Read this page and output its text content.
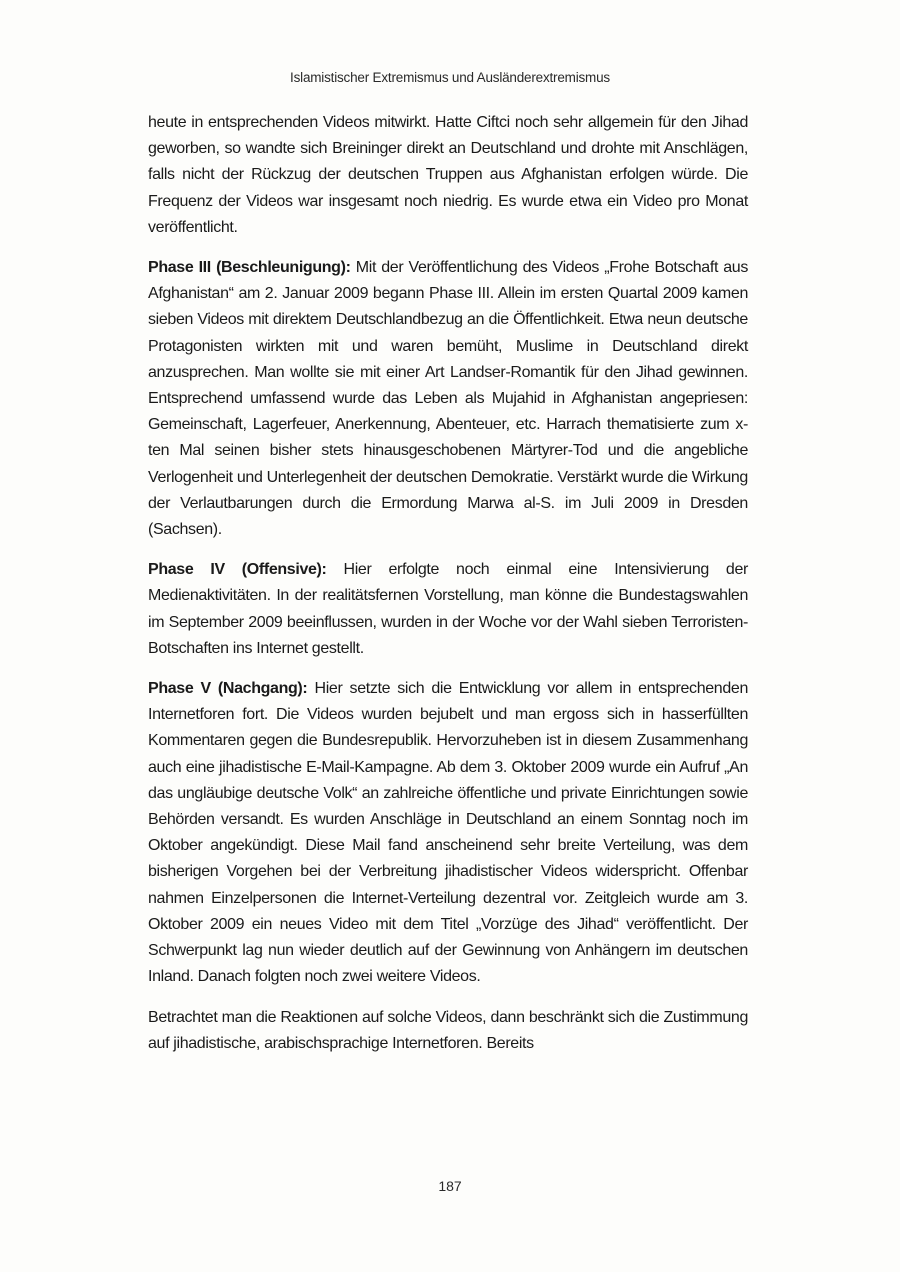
Islamistischer Extremismus und Ausländerextremismus

heute in entsprechenden Videos mitwirkt. Hatte Ciftci noch sehr allgemein für den Jihad geworben, so wandte sich Breininger direkt an Deutschland und drohte mit Anschlägen, falls nicht der Rückzug der deutschen Truppen aus Afghanistan erfolgen würde. Die Frequenz der Videos war insgesamt noch niedrig. Es wurde etwa ein Video pro Monat veröffentlicht.

Phase III (Beschleunigung): Mit der Veröffentlichung des Videos „Frohe Botschaft aus Afghanistan“ am 2. Januar 2009 begann Phase III. Allein im ersten Quartal 2009 kamen sieben Videos mit direktem Deutschlandbezug an die Öffentlichkeit. Etwa neun deutsche Protagonisten wirkten mit und waren bemüht, Muslime in Deutschland direkt anzusprechen. Man wollte sie mit einer Art Landser-Romantik für den Jihad gewinnen. Entsprechend umfassend wurde das Leben als Mujahid in Afghanistan angepriesen: Gemeinschaft, Lagerfeuer, Anerkennung, Abenteuer, etc. Harrach thematisierte zum x-ten Mal seinen bisher stets hinausgeschobenen Märtyrer-Tod und die angebliche Verlogenheit und Unterlegenheit der deutschen Demokratie. Verstärkt wurde die Wirkung der Verlautbarungen durch die Ermordung Marwa al-S. im Juli 2009 in Dresden (Sachsen).

Phase IV (Offensive): Hier erfolgte noch einmal eine Intensivierung der Medienaktivitäten. In der realitätsfernen Vorstellung, man könne die Bundestagswahlen im September 2009 beeinflussen, wurden in der Woche vor der Wahl sieben Terroristen-Botschaften ins Internet gestellt.

Phase V (Nachgang): Hier setzte sich die Entwicklung vor allem in entsprechenden Internetforen fort. Die Videos wurden bejubelt und man ergoss sich in hasserfüllten Kommentaren gegen die Bundesrepublik. Hervorzuheben ist in diesem Zusammenhang auch eine jihadistische E-Mail-Kampagne. Ab dem 3. Oktober 2009 wurde ein Aufruf „An das ungläubige deutsche Volk“ an zahlreiche öffentliche und private Einrichtungen sowie Behörden versandt. Es wurden Anschläge in Deutschland an einem Sonntag noch im Oktober angekündigt. Diese Mail fand anscheinend sehr breite Verteilung, was dem bisherigen Vorgehen bei der Verbreitung jihadistischer Videos widerspricht. Offenbar nahmen Einzelpersonen die Internet-Verteilung dezentral vor. Zeitgleich wurde am 3. Oktober 2009 ein neues Video mit dem Titel „Vorzüge des Jihad“ veröffentlicht. Der Schwerpunkt lag nun wieder deutlich auf der Gewinnung von Anhängern im deutschen Inland. Danach folgten noch zwei weitere Videos.

Betrachtet man die Reaktionen auf solche Videos, dann beschränkt sich die Zustimmung auf jihadistische, arabischsprachige Internetforen. Bereits

187
